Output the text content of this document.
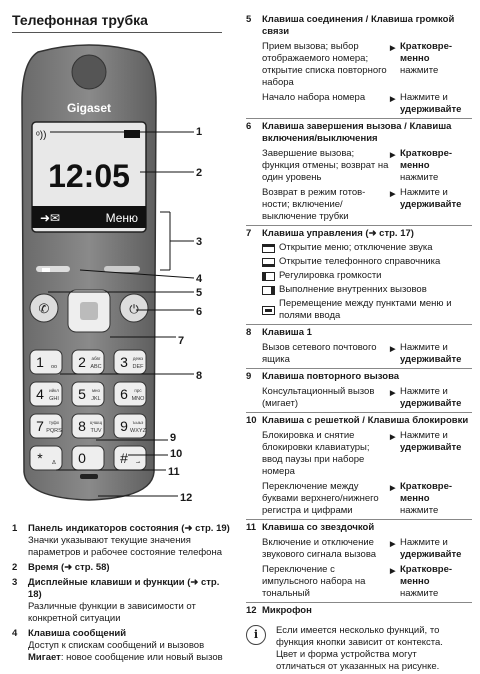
Телефонная трубка
Gigaset
ᵒ))
12:05
➜✉	Меню
✆	⏻
1 ᴏᴏ 2 ABC
абвг 3 DEF
дежз
4 GHI
ийкл 5 JKL
мно 6 MNO
прс
7 PQRS
туфх 8 TUV
цчшщ 9 WXYZ
ъыьэ
* Δ 0 # ⊸
1
2
3
4
5
6
7
8
9
10
11
12
1	Панель индикаторов состояния (➜ стр. 19)
Значки указывают текущие значения параметров и рабочее состояние телефона
2	Время (➜ стр. 58)
3	Дисплейные клавиши и функции (➜ стр. 18)
Различные функции в зависимости от конкретной ситуации
4	Клавиша сообщений
Доступ к спискам сообщений и вызовов
Мигает: новое сообщение или новый вызов
5	Клавиша соединения / Клавиша громкой связи
Прием вызова; выбор отображаемого номера; открытие списка повторного набора
▶ Кратковре-менно
нажмите
Начало набора номера	▶ Нажмите и удерживайте
6	Клавиша завершения вызова / Клавиша включения/выключения
Завершение вызова; функция отмены; возврат на один уровень
▶ Кратковре-менно
нажмите
Возврат в режим готов-ности; включение/ выключение трубки
▶ Нажмите и удерживайте
7	Клавиша управления (➜ стр. 17)
Открытие меню; отключение звука
Открытие телефонного справочника
Регулировка громкости
Выполнение внутренних вызовов
Перемещение между пунктами меню и полями ввода
8	Клавиша 1
Вызов сетевого почтового ящика
▶ Нажмите и удерживайте
9	Клавиша повторного вызова
Консультационный вызов (мигает)
▶ Нажмите и удерживайте
10 Клавиша с решеткой / Клавиша блокировки
Блокировка и снятие блокировки клавиатуры; ввод паузы при наборе номера
▶ Нажмите и удерживайте
Переключение между буквами верхнего/нижнего регистра и цифрами
▶ Кратковре-менно
нажмите
11 Клавиша со звездочкой
Включение и отключение звукового сигнала вызова
▶ Нажмите и удерживайте
Переключение с импульсного набора на тональный
▶ Кратковре-менно
нажмите
12 Микрофон
i	Если имеется несколько функций, то функция кнопки зависит от контекста. Цвет и форма устройства могут отличаться от указанных на рисунке.
